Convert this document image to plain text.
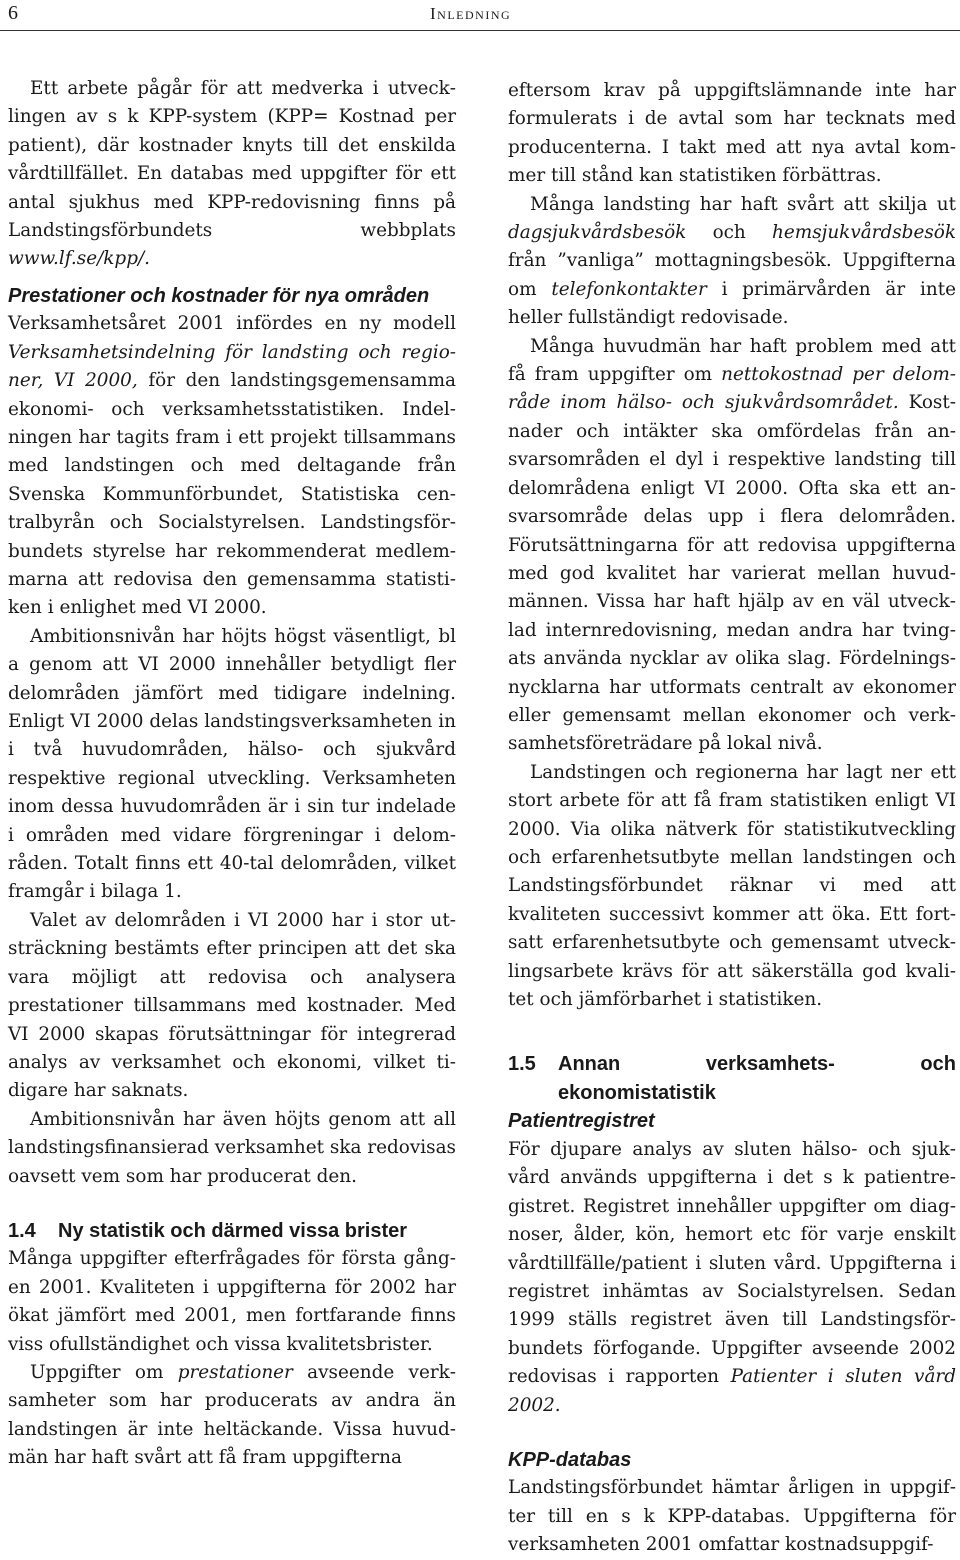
6	Inledning

Ett arbete pågår för att medverka i utvecklingen av s k KPP-system (KPP= Kostnad per patient), där kostnader knyts till det enskilda vårdtillfället. En databas med uppgifter för ett antal sjukhus med KPP-redovisning finns på Landstingsförbundets webbplats www.lf.se/kpp/.

Prestationer och kostnader för nya områden

Verksamhetsåret 2001 infördes en ny modell Verksamhetsindelning för landsting och regioner, VI 2000, för den landstingsgemensamma ekonomi- och verksamhetsstatistiken. Indelningen har tagits fram i ett projekt tillsammans med landstingen och med deltagande från Svenska Kommunförbundet, Statistiska centralbyrån och Socialstyrelsen. Landstingsförbundets styrelse har rekommenderat medlemmarna att redovisa den gemensamma statistiken i enlighet med VI 2000.

Ambitionsnivån har höjts högst väsentligt, bl a genom att VI 2000 innehåller betydligt fler delområden jämfört med tidigare indelning. Enligt VI 2000 delas landstingsverksamheten in i två huvudområden, hälso- och sjukvård respektive regional utveckling. Verksamheten inom dessa huvudområden är i sin tur indelade i områden med vidare förgreningar i delområden. Totalt finns ett 40-tal delområden, vilket framgår i bilaga 1.

Valet av delområden i VI 2000 har i stor utsträckning bestämts efter principen att det ska vara möjligt att redovisa och analysera prestationer tillsammans med kostnader. Med VI 2000 skapas förutsättningar för integrerad analys av verksamhet och ekonomi, vilket tidigare har saknats.

Ambitionsnivån har även höjts genom att all landstingsfinansierad verksamhet ska redovisas oavsett vem som har producerat den.

1.4	Ny statistik och därmed vissa brister

Många uppgifter efterfrågades för första gången 2001. Kvaliteten i uppgifterna för 2002 har ökat jämfört med 2001, men fortfarande finns viss ofullständighet och vissa kvalitetsbrister.

Uppgifter om prestationer avseende verksamheter som har producerats av andra än landstingen är inte heltäckande. Vissa huvudmän har haft svårt att få fram uppgifterna

eftersom krav på uppgiftslämnande inte har formulerats i de avtal som har tecknats med producenterna. I takt med att nya avtal kommer till stånd kan statistiken förbättras.

Många landsting har haft svårt att skilja ut dagsjukvårdsbesök och hemsjukvårdsbesök från ”vanliga” mottagningsbesök. Uppgifterna om telefonkontakter i primärvården är inte heller fullständigt redovisade.

Många huvudmän har haft problem med att få fram uppgifter om nettokostnad per delområde inom hälso- och sjukvårdsområdet. Kostnader och intäkter ska omfördelas från ansvarsområden el dyl i respektive landsting till delområdena enligt VI 2000. Ofta ska ett ansvarsområde delas upp i flera delområden. Förutsättningarna för att redovisa uppgifterna med god kvalitet har varierat mellan huvudmännen. Vissa har haft hjälp av en väl utvecklad internredovisning, medan andra har tvingats använda nycklar av olika slag. Fördelningsnycklarna har utformats centralt av ekonomer eller gemensamt mellan ekonomer och verksamhetsföreträdare på lokal nivå.

Landstingen och regionerna har lagt ner ett stort arbete för att få fram statistiken enligt VI 2000. Via olika nätverk för statistikutveckling och erfarenhetsutbyte mellan landstingen och Landstingsförbundet räknar vi med att kvaliteten successivt kommer att öka. Ett fortsatt erfarenhetsutbyte och gemensamt utvecklingsarbete krävs för att säkerställa god kvalitet och jämförbarhet i statistiken.

1.5	Annan verksamhets- och ekonomistatistik
Patientregistret

För djupare analys av sluten hälso- och sjukvård används uppgifterna i det s k patientregistret. Registret innehåller uppgifter om diagnoser, ålder, kön, hemort etc för varje enskilt vårdtillfälle/patient i sluten vård. Uppgifterna i registret inhämtas av Socialstyrelsen. Sedan 1999 ställs registret även till Landstingsförbundets förfogande. Uppgifter avseende 2002 redovisas i rapporten Patienter i sluten vård 2002.

KPP-databas

Landstingsförbundet hämtar årligen in uppgifter till en s k KPP-databas. Uppgifterna för verksamheten 2001 omfattar kostnadsuppgif-
